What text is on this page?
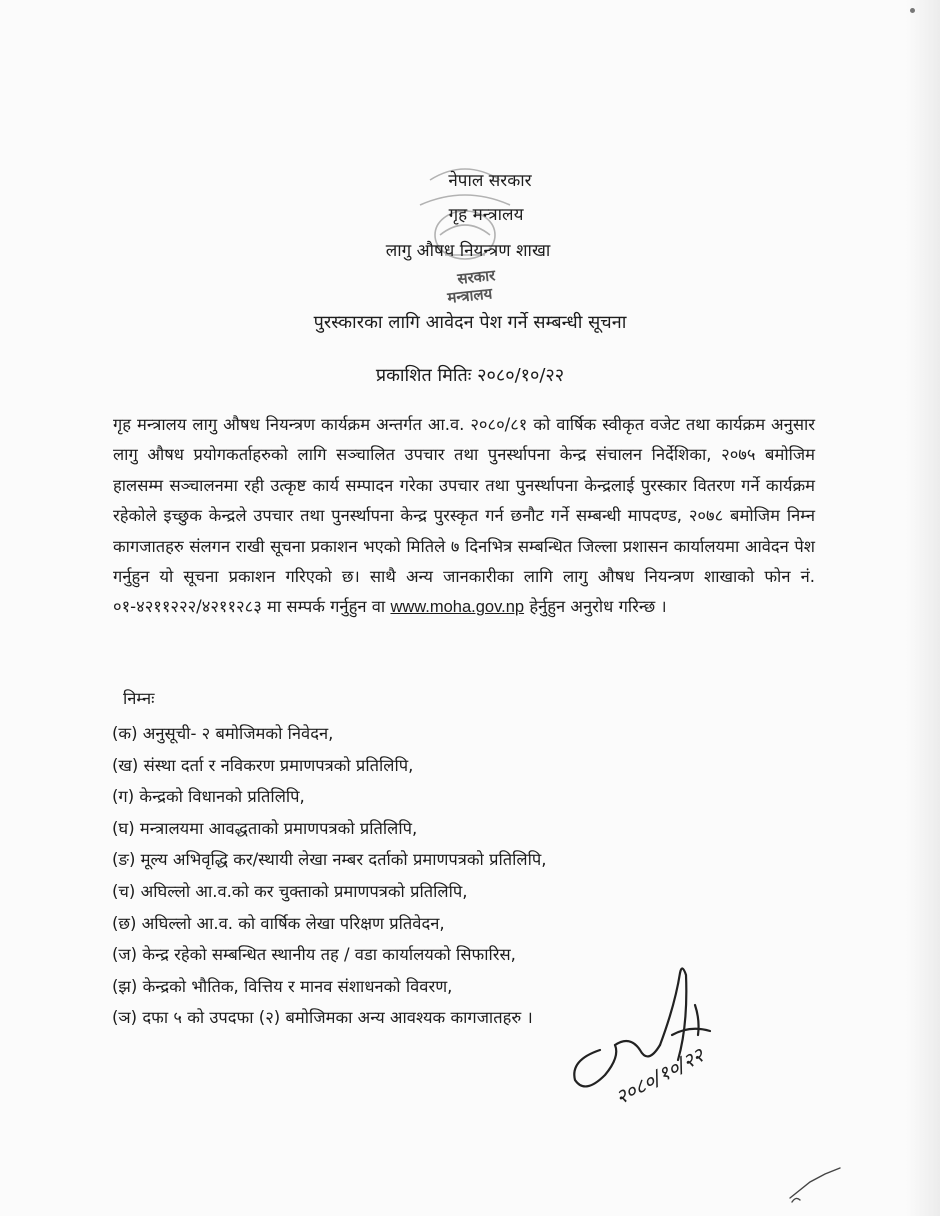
सरकार
मन्त्रालय
नेपाल सरकार
गृह मन्त्रालय
लागु औषध नियन्त्रण शाखा
पुरस्कारका लागि आवेदन पेश गर्ने सम्बन्धी सूचना
प्रकाशित मितिः २०८०/१०/२२
गृह मन्त्रालय लागु औषध नियन्त्रण कार्यक्रम अन्तर्गत आ.व. २०८०/८१ को वार्षिक स्वीकृत वजेट तथा कार्यक्रम अनुसार लागु औषध प्रयोगकर्ताहरुको लागि सञ्चालित उपचार तथा पुनर्स्थापना केन्द्र संचालन निर्देशिका, २०७५ बमोजिम हालसम्म सञ्चालनमा रही उत्कृष्ट कार्य सम्पादन गरेका उपचार तथा पुनर्स्थापना केन्द्रलाई पुरस्कार वितरण गर्ने कार्यक्रम रहेकोले इच्छुक केन्द्रले उपचार तथा पुनर्स्थापना केन्द्र पुरस्कृत गर्न छनौट गर्ने सम्बन्धी मापदण्ड, २०७८ बमोजिम निम्न कागजातहरु संलगन राखी सूचना प्रकाशन भएको मितिले ७ दिनभित्र सम्बन्धित जिल्ला प्रशासन कार्यालयमा आवेदन पेश गर्नुहुन यो सूचना प्रकाशन गरिएको छ। साथै अन्य जानकारीका लागि लागु औषध नियन्त्रण शाखाको फोन नं. ०१-४२११२२२/४२११२८३ मा सम्पर्क गर्नुहुन वा www.moha.gov.np हेर्नुहुन अनुरोध गरिन्छ ।
निम्नः
(क) अनुसूची- २ बमोजिमको निवेदन,
(ख) संस्था दर्ता र नविकरण प्रमाणपत्रको प्रतिलिपि,
(ग) केन्द्रको विधानको प्रतिलिपि,
(घ) मन्त्रालयमा आवद्धताको प्रमाणपत्रको प्रतिलिपि,
(ङ) मूल्य अभिवृद्धि कर/स्थायी लेखा नम्बर दर्ताको प्रमाणपत्रको प्रतिलिपि,
(च) अघिल्लो आ.व.को कर चुक्ताको प्रमाणपत्रको प्रतिलिपि,
(छ) अघिल्लो आ.व. को वार्षिक लेखा परिक्षण प्रतिवेदन,
(ज) केन्द्र रहेको सम्बन्धित स्थानीय तह / वडा कार्यालयको सिफारिस,
(झ) केन्द्रको भौतिक, वित्तिय र मानव संशाधनको विवरण,
(ञ) दफा ५ को उपदफा (२) बमोजिमका अन्य आवश्यक कागजातहरु ।
२०८०/१०/२२
